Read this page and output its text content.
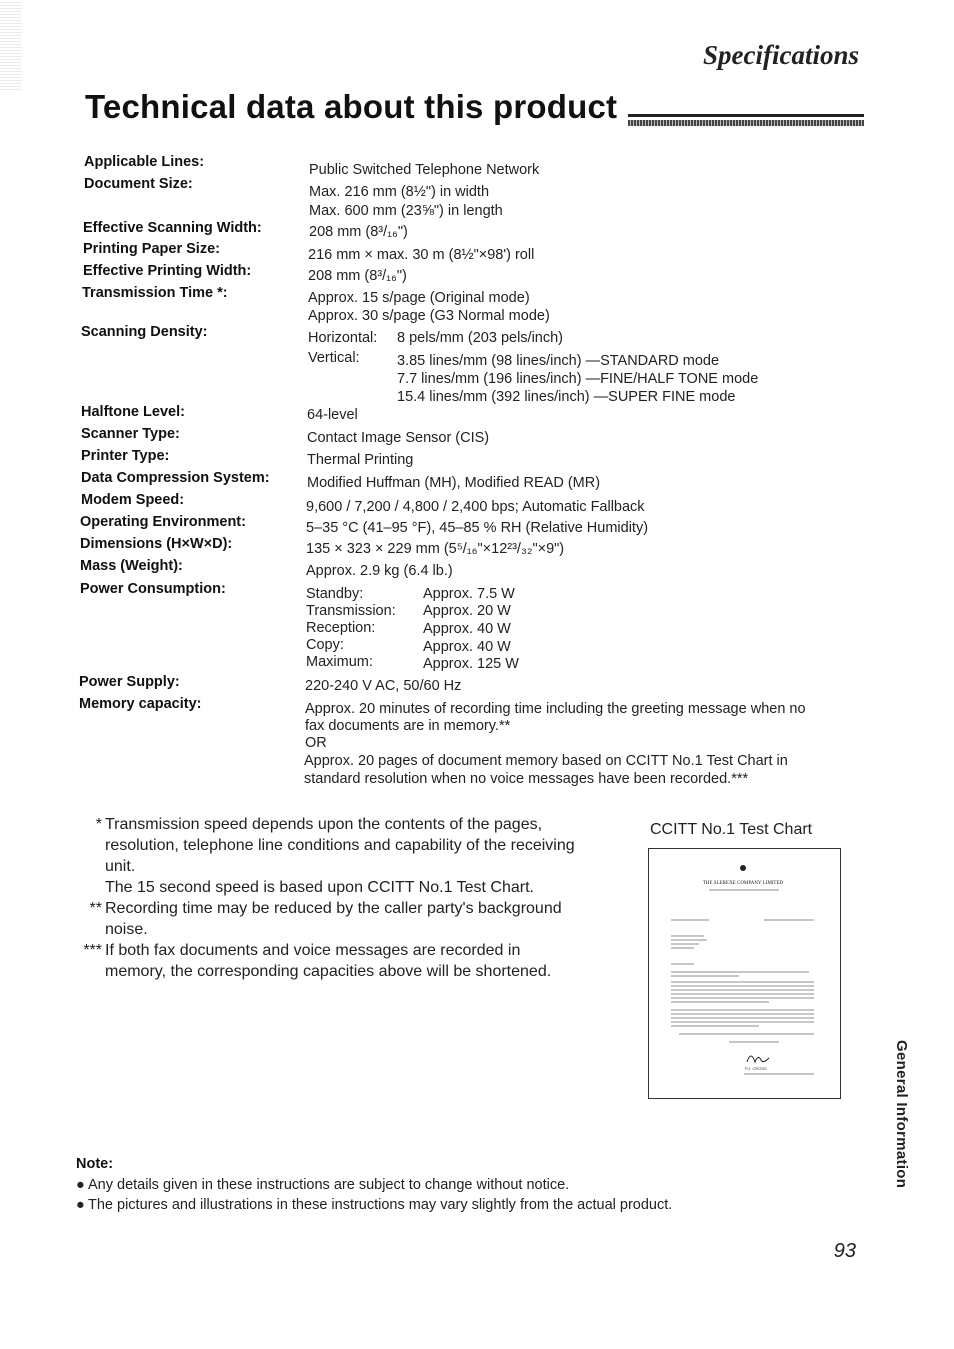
Specifications
Technical data about this product
Applicable Lines:	Public Switched Telephone Network
Document Size:	Max. 216 mm (8½") in width
Max. 600 mm (23⅝") in length
Effective Scanning Width:	208 mm (8³/₁₆")
Printing Paper Size:	216 mm × max. 30 m (8½"×98') roll
Effective Printing Width:	208 mm (8³/₁₆")
Transmission Time *:	Approx. 15 s/page (Original mode)
Approx. 30 s/page (G3 Normal mode)
Scanning Density:	Horizontal: 8 pels/mm (203 pels/inch)
Vertical:	3.85 lines/mm (98 lines/inch) —STANDARD mode
7.7 lines/mm (196 lines/inch) —FINE/HALF TONE mode
15.4 lines/mm (392 lines/inch) —SUPER FINE mode
Halftone Level:	64-level
Scanner Type:	Contact Image Sensor (CIS)
Printer Type:	Thermal Printing
Data Compression System:	Modified Huffman (MH), Modified READ (MR)
Modem Speed:	9,600 / 7,200 / 4,800 / 2,400 bps; Automatic Fallback
Operating Environment:	5–35 °C (41–95 °F), 45–85 % RH (Relative Humidity)
Dimensions (H×W×D):	135 × 323 × 229 mm (5⁵/₁₆"×12²³/₃₂"×9")
Mass (Weight):	Approx. 2.9 kg (6.4 lb.)
Power Consumption:	Standby:	Approx. 7.5 W
Transmission: Approx. 20 W
Reception:	Approx. 40 W
Copy:	Approx. 40 W
Maximum:	Approx. 125 W
Power Supply:	220-240 V AC, 50/60 Hz
Memory capacity:	Approx. 20 minutes of recording time including the greeting message when no
fax documents are in memory.**
OR
Approx. 20 pages of document memory based on CCITT No.1 Test Chart in
standard resolution when no voice messages have been recorded.***
* Transmission speed depends upon the contents of the pages, resolution, telephone line conditions and capability of the receiving unit.
The 15 second speed is based upon CCITT No.1 Test Chart.
** Recording time may be reduced by the caller party's background noise.
*** If both fax documents and voice messages are recorded in memory, the corresponding capacities above will be shortened.
CCITT No.1 Test Chart
THE SLEREXE COMPANY LIMITED
P.J. CROSS
Note:
● Any details given in these instructions are subject to change without notice.
● The pictures and illustrations in these instructions may vary slightly from the actual product.
General Information
93
